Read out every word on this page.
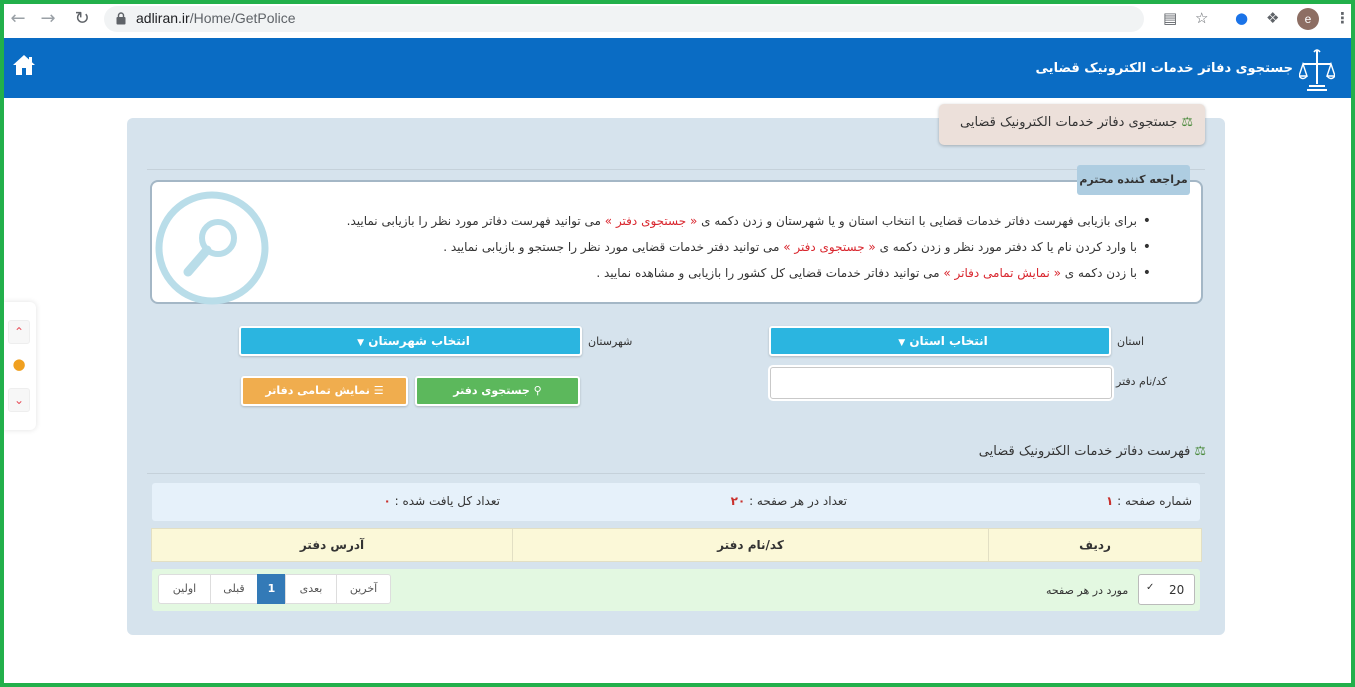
← → ↻	adliran.ir/Home/GetPolice	▤ ☆ ● ❖	e	⋮
جستجوی دفاتر خدمات الکترونیک قضایی
⌃
●
⌄
⚖جستجوی دفاتر خدمات الکترونیک قضایی
مراجعه کننده محترم
• برای بازیابی فهرست دفاتر خدمات قضایی با انتخاب استان و یا شهرستان و زدن دکمه ی « جستجوی دفتر » می توانید فهرست دفاتر مورد نظر را بازیابی نمایید.
• با وارد کردن نام یا کد دفتر مورد نظر و زدن دکمه ی « جستجوی دفتر » می توانید دفتر خدمات قضایی مورد نظر را جستجو و بازیابی نمایید .
• با زدن دکمه ی « نمایش تمامی دفاتر » می توانید دفاتر خدمات قضایی کل کشور را بازیابی و مشاهده نمایید .
استان
انتخاب استان ▼
شهرستان
انتخاب شهرستان ▼
کد/نام دفتر
⚲ جستجوی دفتر
☰ نمایش تمامی دفاتر
⚖فهرست دفاتر خدمات الکترونیک قضایی
شماره صفحه : ۱
تعداد در هر صفحه : ۲۰
تعداد کل یافت شده : ۰
ردیف	کد/نام دفتر	آدرس دفتر
20
✓
مورد در هر صفحه
اولین	قبلی	1	بعدی	آخرین
